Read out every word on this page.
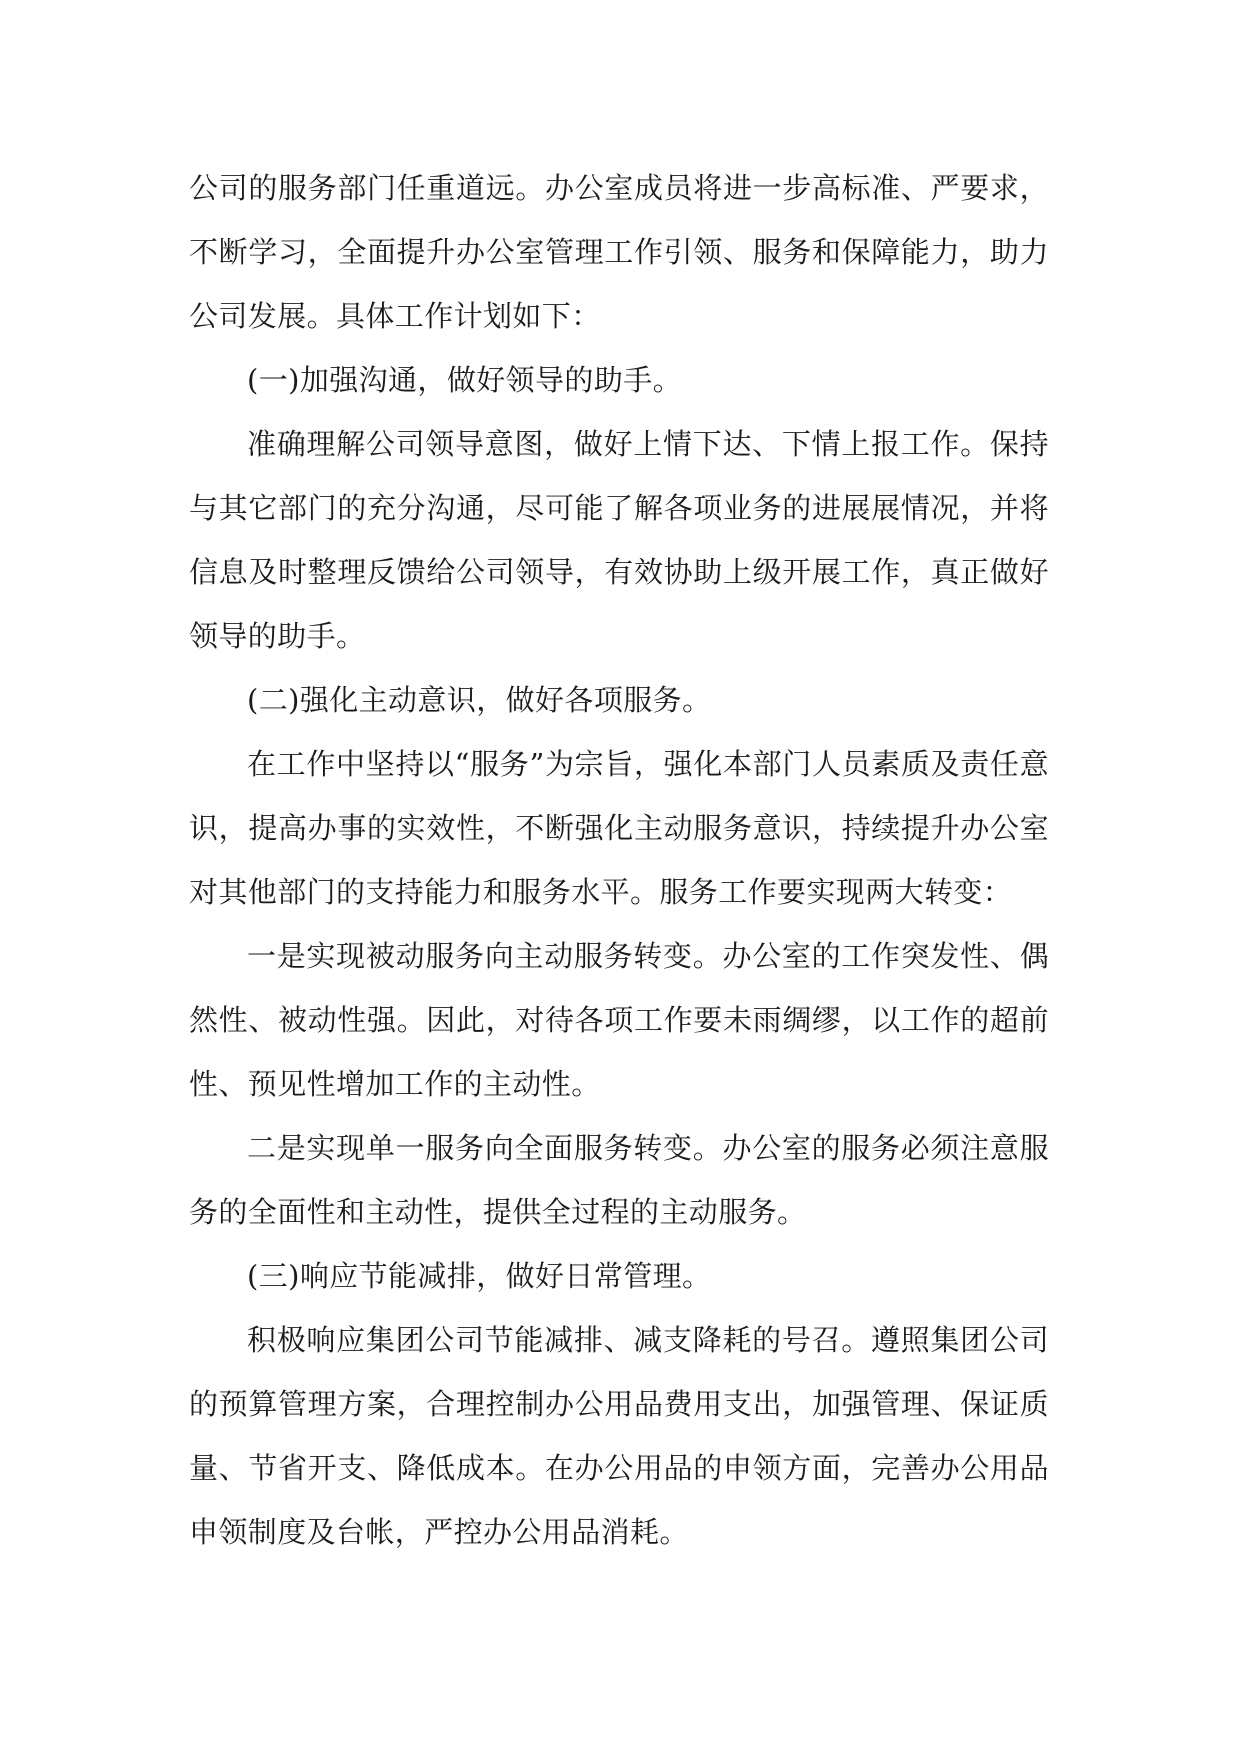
公司的服务部门任重道远。办公室成员将进一步高标准、严要求，不断学习，全面提升办公室管理工作引领、服务和保障能力，助力公司发展。具体工作计划如下：

(一)加强沟通，做好领导的助手。

准确理解公司领导意图，做好上情下达、下情上报工作。保持与其它部门的充分沟通，尽可能了解各项业务的进展展情况，并将信息及时整理反馈给公司领导，有效协助上级开展工作，真正做好领导的助手。

(二)强化主动意识，做好各项服务。

在工作中坚持以“服务”为宗旨，强化本部门人员素质及责任意识，提高办事的实效性，不断强化主动服务意识，持续提升办公室对其他部门的支持能力和服务水平。服务工作要实现两大转变：

一是实现被动服务向主动服务转变。办公室的工作突发性、偶然性、被动性强。因此，对待各项工作要未雨绸缪，以工作的超前性、预见性增加工作的主动性。

二是实现单一服务向全面服务转变。办公室的服务必须注意服务的全面性和主动性，提供全过程的主动服务。

(三)响应节能减排，做好日常管理。

积极响应集团公司节能减排、减支降耗的号召。遵照集团公司的预算管理方案，合理控制办公用品费用支出，加强管理、保证质量、节省开支、降低成本。在办公用品的申领方面，完善办公用品申领制度及台帐，严控办公用品消耗。
